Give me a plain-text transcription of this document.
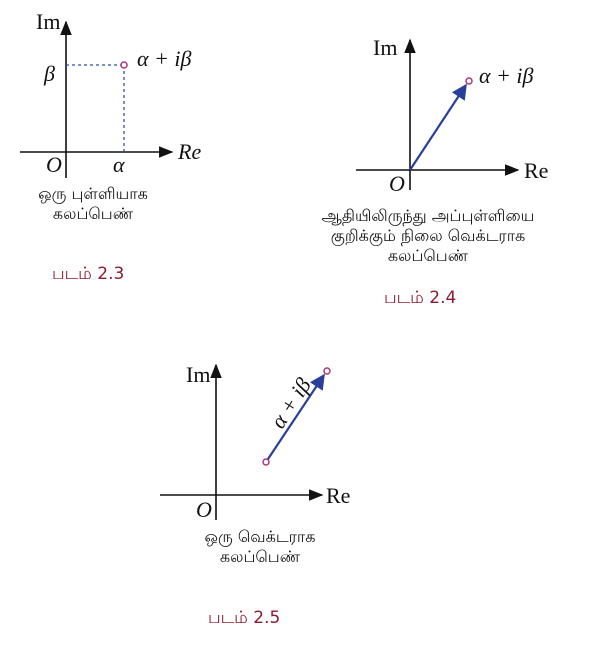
Im
Re
β
O α
α + iβ	Im
Re
O
α + iβ
Im
Re
O
α + iβ
ஒரு புள்ளியாக
கலப்பெண்
படம் 2.3
ஆதியிலிருந்து அப்புள்ளியை
குறிக்கும் நிலை வெக்டராக
கலப்பெண்
படம் 2.4
ஒரு வெக்டராக
கலப்பெண்
படம் 2.5
